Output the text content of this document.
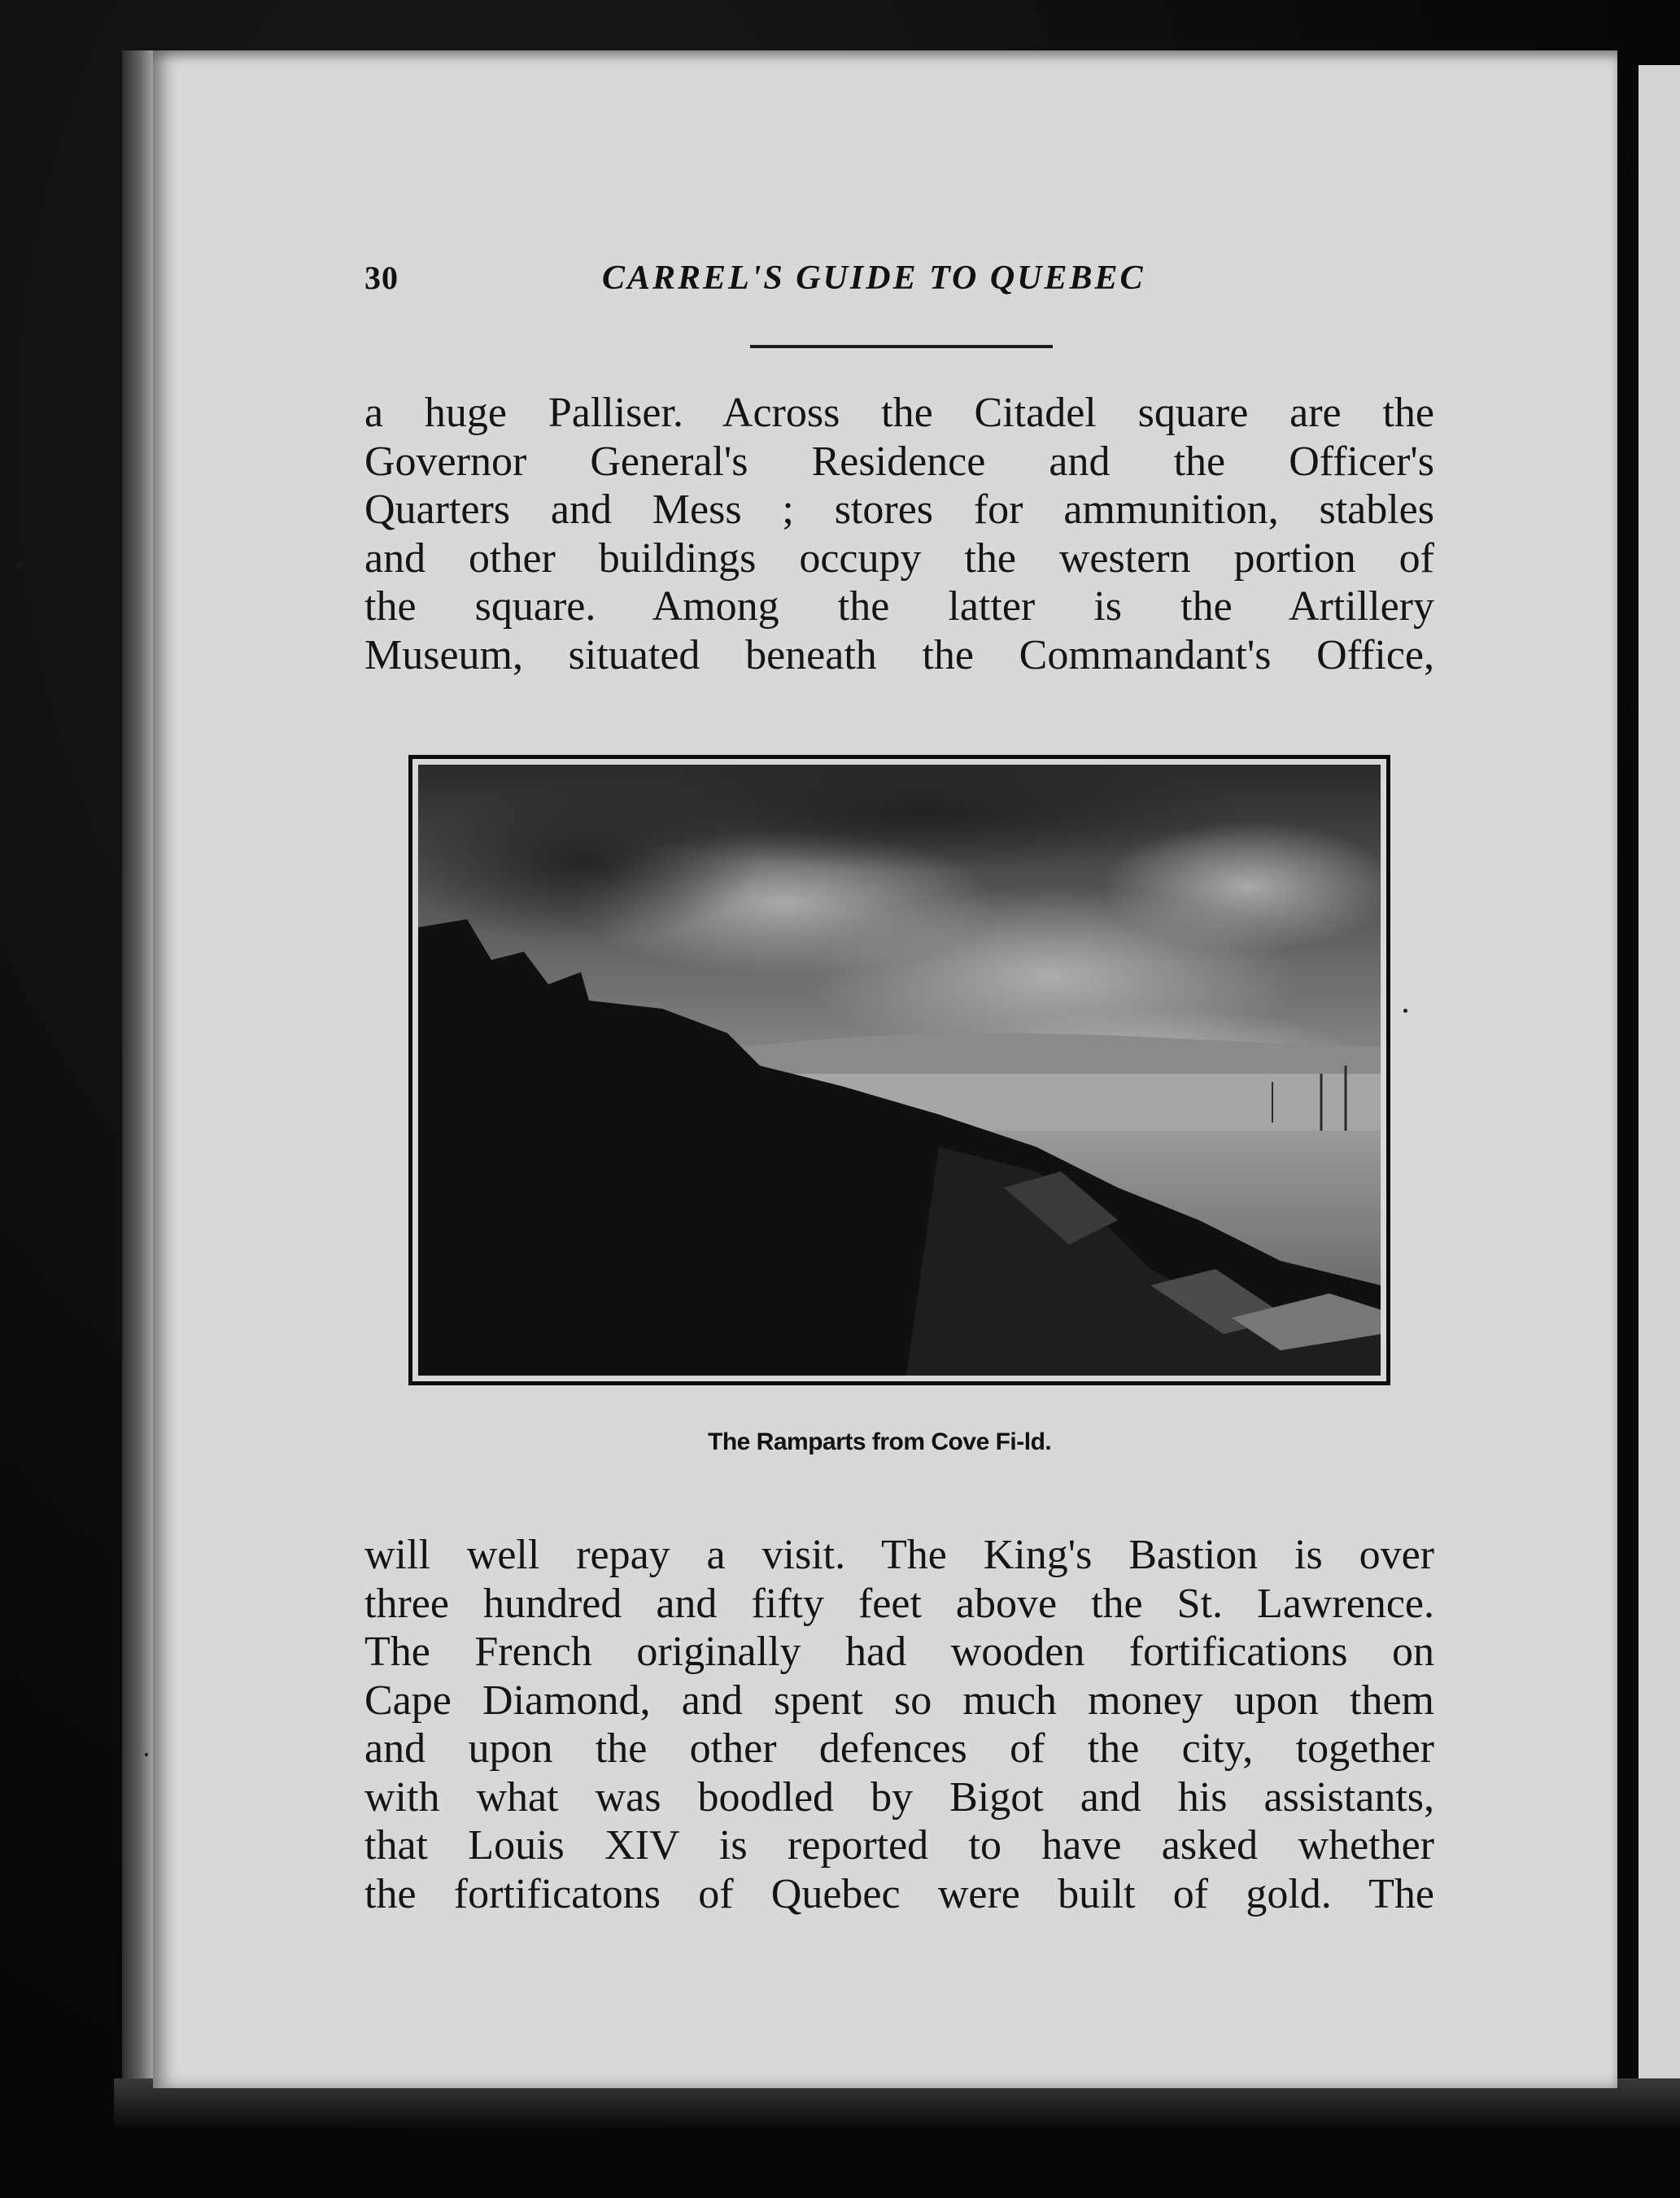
30	CARREL'S GUIDE TO QUEBEC
a huge Palliser. Across the Citadel square are the
Governor General's Residence and the Officer's
Quarters and Mess ; stores for ammunition, stables
and other buildings occupy the western portion of
the square. Among the latter is the Artillery
Museum, situated beneath the Commandant's Office,
The Ramparts from Cove Fi-ld.
will well repay a visit. The King's Bastion is over
three hundred and fifty feet above the St. Lawrence.
The French originally had wooden fortifications on
Cape Diamond, and spent so much money upon them
and upon the other defences of the city, together
with what was boodled by Bigot and his assistants,
that Louis XIV is reported to have asked whether
the fortificatons of Quebec were built of gold. The
